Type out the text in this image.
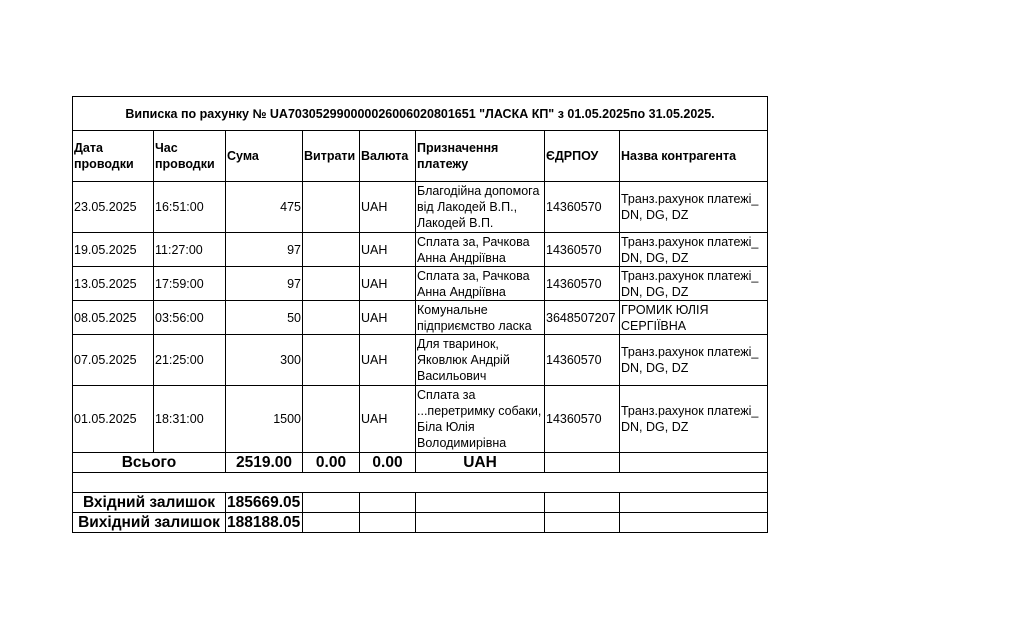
Виписка по рахунку № UA703052990000026006020801651 "ЛАСКА КП" з 01.05.2025по 31.05.2025.							
Дата проводки	Час проводки	Сума	Витрати	Валюта	Призначення платежу	ЄДРПОУ	Назва контрагента
23.05.2025	16:51:00	475		UAH	Благодійна допомога від Лакодей В.П., Лакодей В.П.	14360570	Транз.рахунок платежі_ DN, DG, DZ
19.05.2025	11:27:00	97		UAH	Сплата за, Рачкова Анна Андріївна	14360570	Транз.рахунок платежі_ DN, DG, DZ
13.05.2025	17:59:00	97		UAH	Сплата за, Рачкова Анна Андріївна	14360570	Транз.рахунок платежі_ DN, DG, DZ
08.05.2025	03:56:00	50		UAH	Комунальне підприємство ласка	3648507207	ГРОМИК ЮЛІЯ СЕРГІЇВНА
07.05.2025	21:25:00	300		UAH	Для тваринок, Яковлюк Андрій Васильович	14360570	Транз.рахунок платежі_ DN, DG, DZ
01.05.2025	18:31:00	1500		UAH	Сплата за ...перетримку собаки, Біла Юлія Володимирівна	14360570	Транз.рахунок платежі_ DN, DG, DZ
Всього		2519.00	0.00	0.00	UAH		

Вхідний залишок		185669.05					
Вихідний залишок		188188.05					
